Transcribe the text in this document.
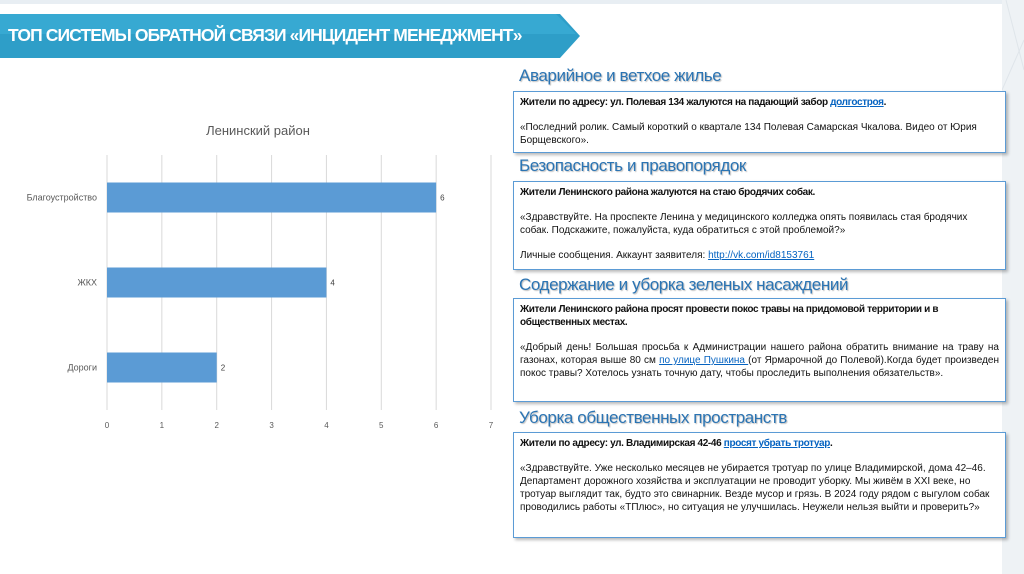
ТОП СИСТЕМЫ ОБРАТНОЙ СВЯЗИ «ИНЦИДЕНТ МЕНЕДЖМЕНТ»
Ленинский район
0	1	2	3	4	5	6	7
Благоустройство	6
ЖКХ	4
Дороги	2
Аварийное и ветхое жилье

Жители по адресу: ул. Полевая 134 жалуются на падающий забор долгостроя.

«Последний ролик. Самый короткий о квартале 134 Полевая Самарская Чкалова. Видео от Юрия Борщевского».

Безопасность и правопорядок

Жители Ленинского района жалуются на стаю бродячих собак.

«Здравствуйте. На проспекте Ленина у медицинского колледжа опять появилась стая бродячих собак. Подскажите, пожалуйста, куда обратиться с этой проблемой?»

Личные сообщения. Аккаунт заявителя: http://vk.com/id8153761

Содержание и уборка зеленых насаждений

Жители Ленинского района просят провести покос травы на придомовой территории и в общественных местах.

«Добрый день! Большая просьба к Администрации нашего района обратить внимание на траву на газонах, которая выше 80 см по улице Пушкина (от Ярмарочной до Полевой).Когда будет произведен покос травы? Хотелось узнать точную дату, чтобы проследить выполнения обязательств».

Уборка общественных пространств

Жители по адресу: ул. Владимирская 42-46 просят убрать тротуар.

«Здравствуйте. Уже несколько месяцев не убирается тротуар по улице Владимирской, дома 42–46. Департамент дорожного хозяйства и эксплуатации не проводит уборку. Мы живём в XXI веке, но тротуар выглядит так, будто это свинарник. Везде мусор и грязь. В 2024 году рядом с выгулом собак проводились работы «ТПлюс», но ситуация не улучшилась. Неужели нельзя выйти и проверить?»
